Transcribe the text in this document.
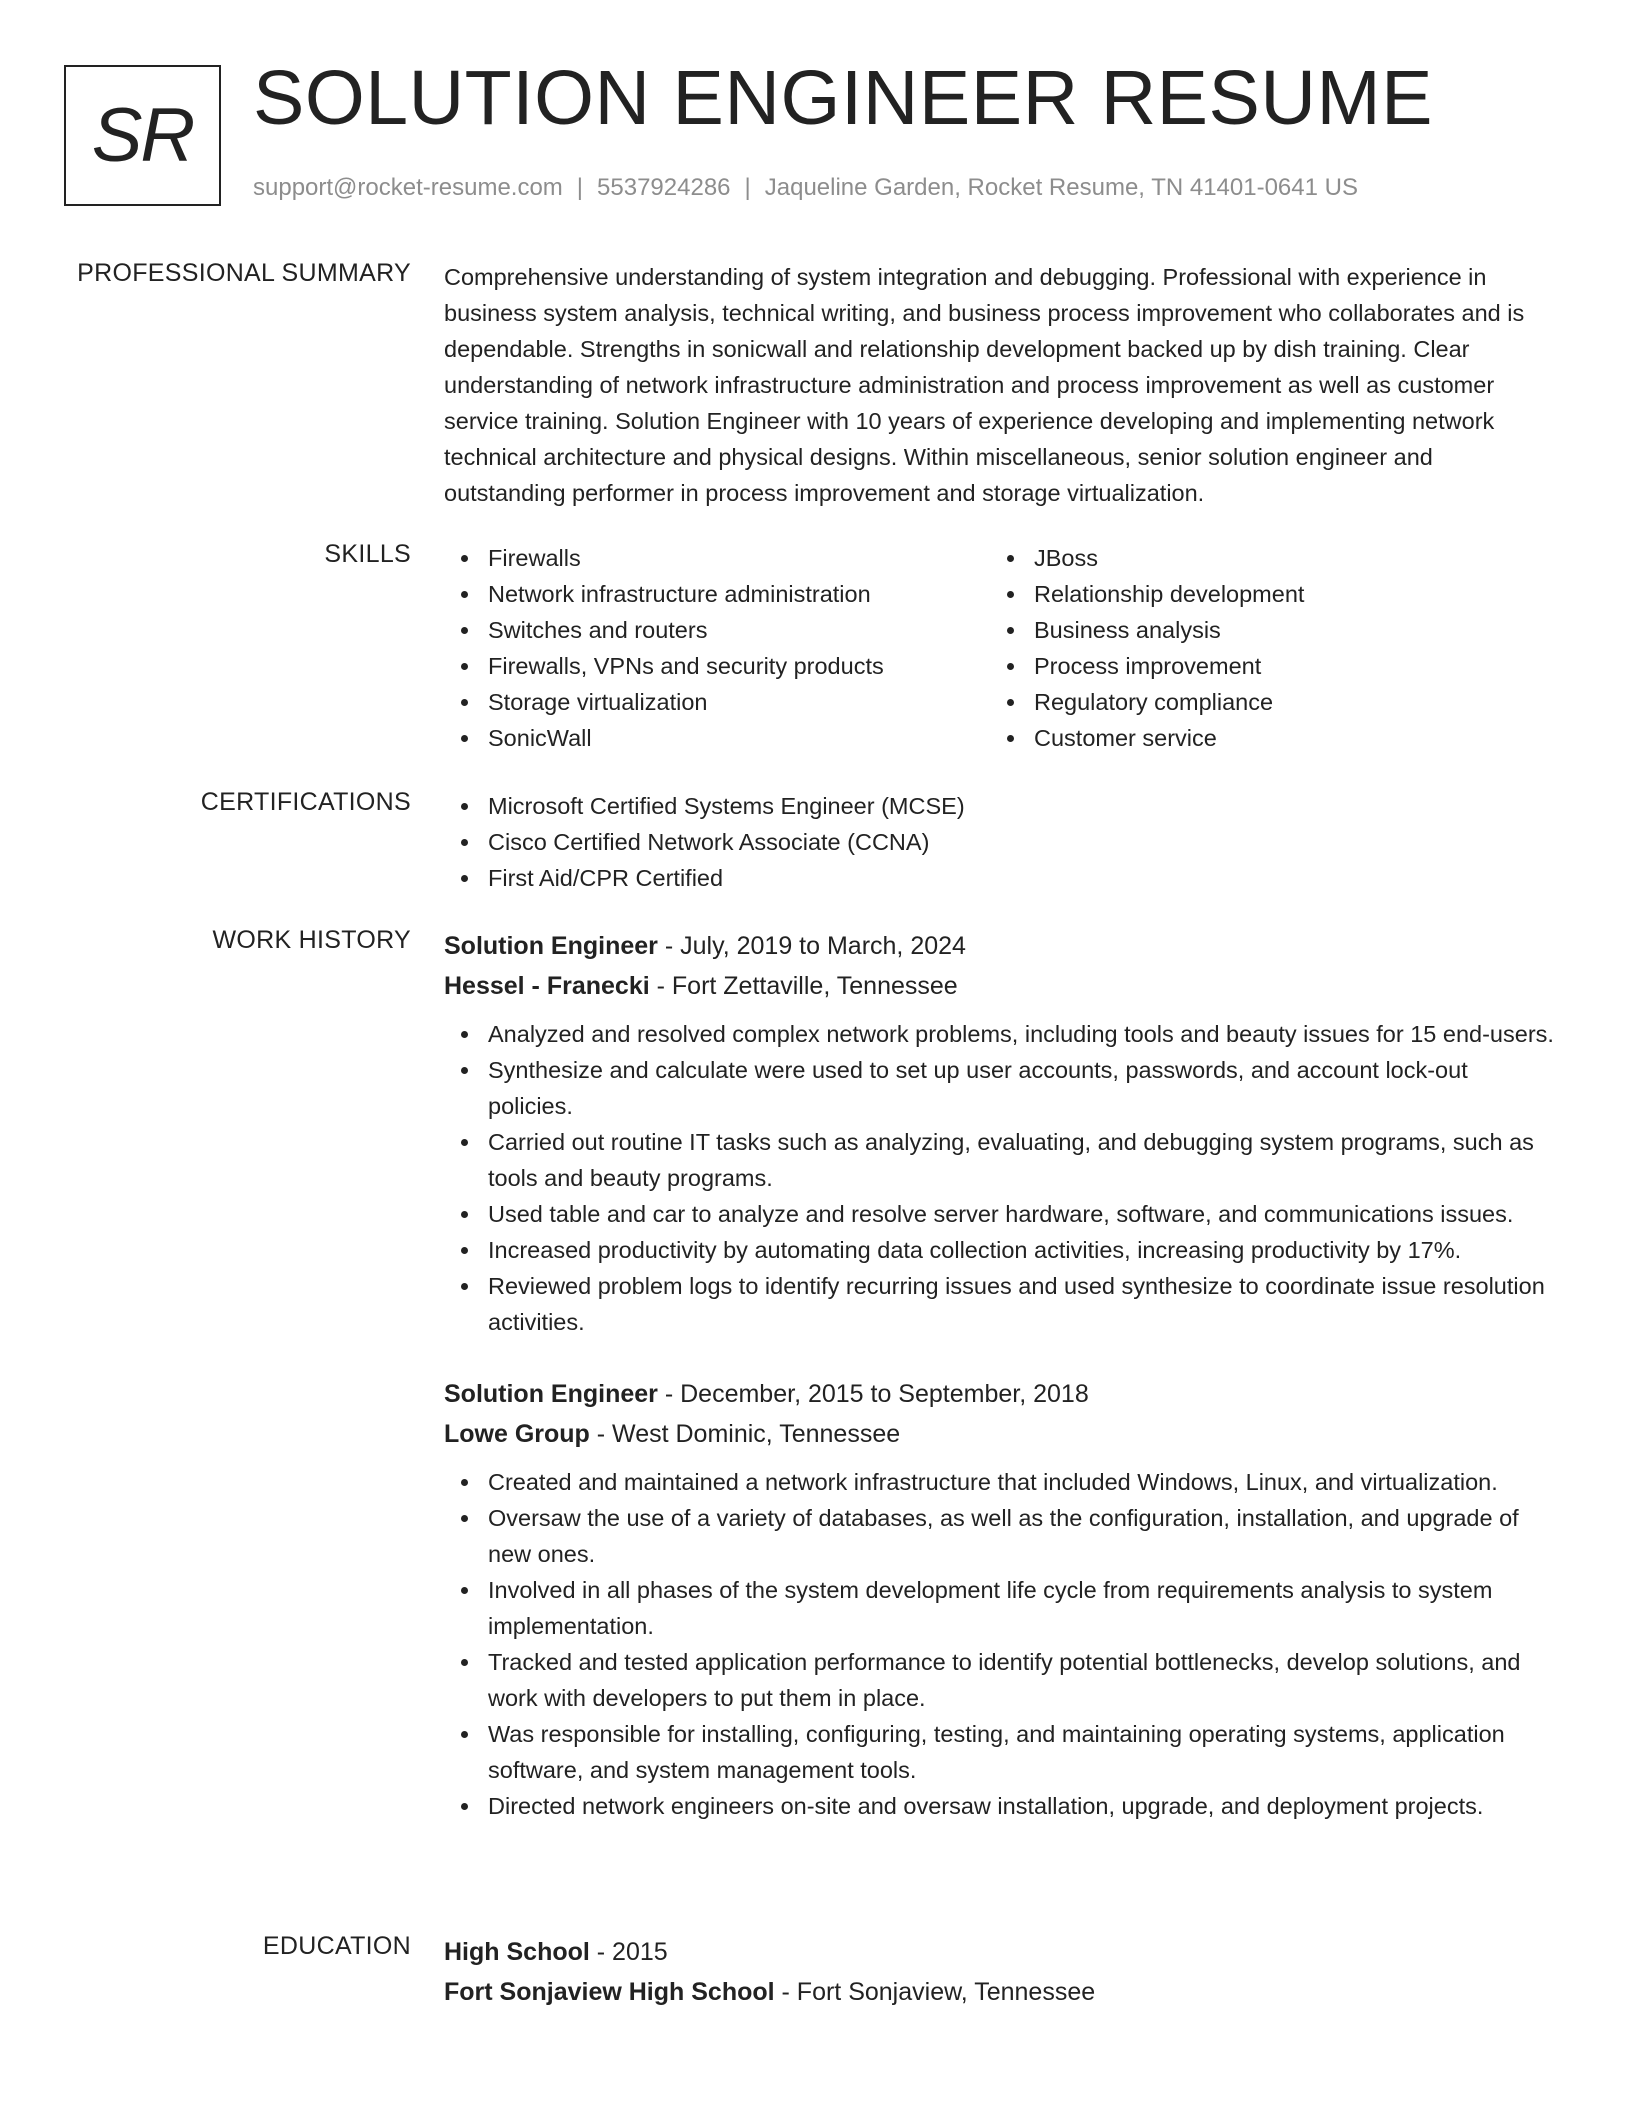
SR SOLUTION ENGINEER RESUME
support@rocket-resume.com | 5537924286 | Jaqueline Garden, Rocket Resume, TN 41401-0641 US
PROFESSIONAL SUMMARY Comprehensive understanding of system integration and debugging. Professional with experience in business system analysis, technical writing, and business process improvement who collaborates and is dependable. Strengths in sonicwall and relationship development backed up by dish training. Clear understanding of network infrastructure administration and process improvement as well as customer service training. Solution Engineer with 10 years of experience developing and implementing network technical architecture and physical designs. Within miscellaneous, senior solution engineer and outstanding performer in process improvement and storage virtualization.

SKILLS	Firewalls
Network infrastructure administration
Switches and routers
Firewalls, VPNs and security products
Storage virtualization
SonicWall
JBoss
Relationship development
Business analysis
Process improvement
Regulatory compliance
Customer service
CERTIFICATIONS	Microsoft Certified Systems Engineer (MCSE)
Cisco Certified Network Associate (CCNA)
First Aid/CPR Certified
WORK HISTORY Solution Engineer - July, 2019 to March, 2024
Hessel - Franecki - Fort Zettaville, Tennessee
Analyzed and resolved complex network problems, including tools and beauty issues for 15 end-users.
Synthesize and calculate were used to set up user accounts, passwords, and account lock-out policies.
Carried out routine IT tasks such as analyzing, evaluating, and debugging system programs, such as tools and beauty programs.
Used table and car to analyze and resolve server hardware, software, and communications issues.
Increased productivity by automating data collection activities, increasing productivity by 17%.
Reviewed problem logs to identify recurring issues and used synthesize to coordinate issue resolution activities.
Solution Engineer - December, 2015 to September, 2018
Lowe Group - West Dominic, Tennessee
Created and maintained a network infrastructure that included Windows, Linux, and virtualization.
Oversaw the use of a variety of databases, as well as the configuration, installation, and upgrade of new ones.
Involved in all phases of the system development life cycle from requirements analysis to system implementation.
Tracked and tested application performance to identify potential bottlenecks, develop solutions, and work with developers to put them in place.
Was responsible for installing, configuring, testing, and maintaining operating systems, application software, and system management tools.
Directed network engineers on-site and oversaw installation, upgrade, and deployment projects.
EDUCATION High School - 2015
Fort Sonjaview High School - Fort Sonjaview, Tennessee
